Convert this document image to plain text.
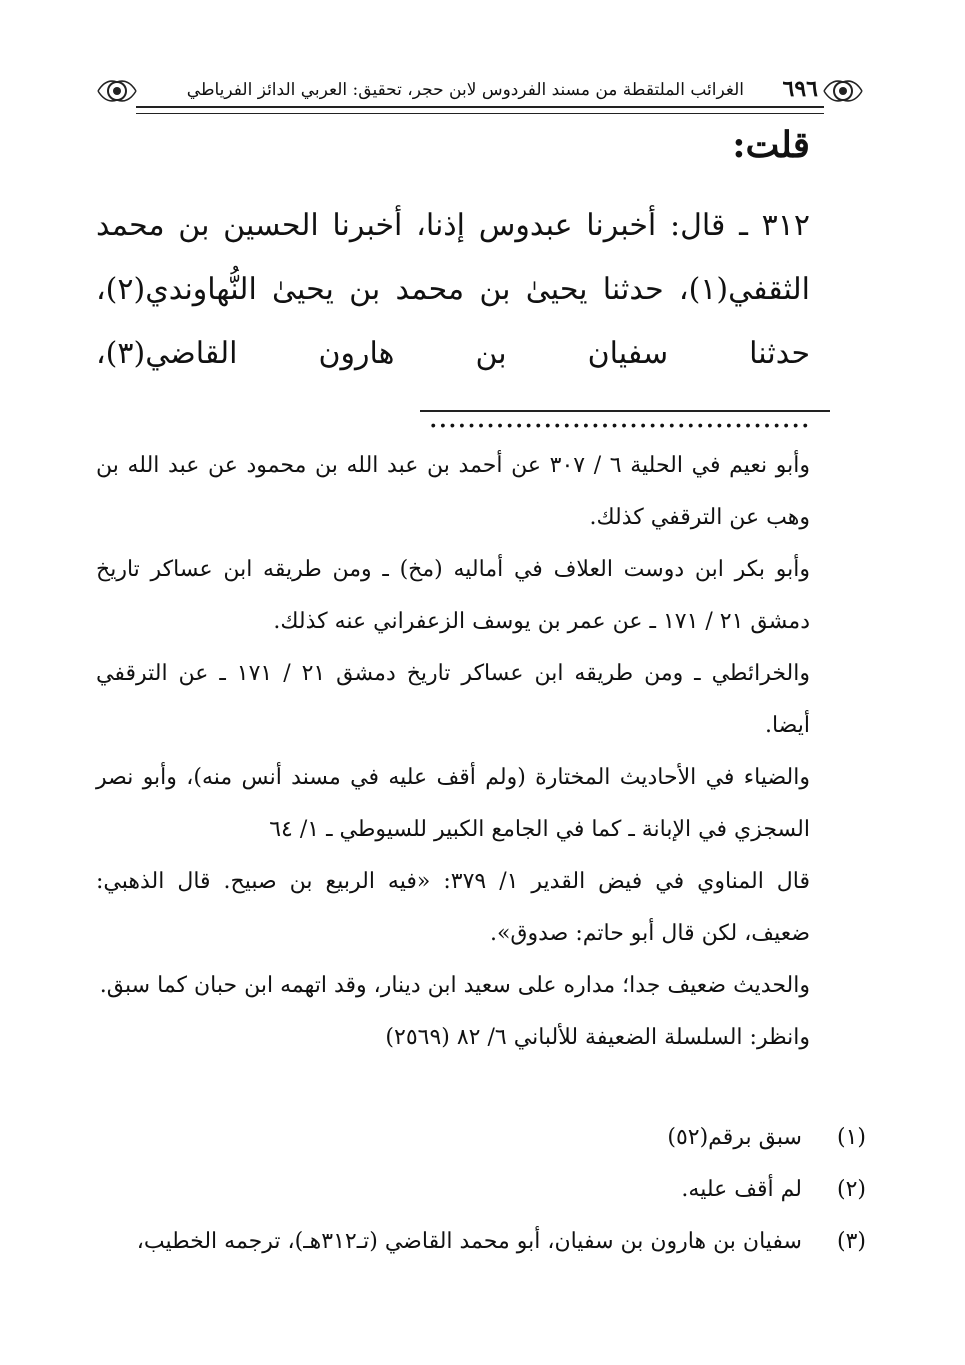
٦٩٦
الغرائب الملتقطة من مسند الفردوس لابن حجر، تحقيق: العربي الدائز الفرياطي

قلت:

٣١٢ ـ قال: أخبرنا عبدوس إذنا، أخبرنا الحسين بن محمد الثقفي(١)، حدثنا يحيىٰ بن محمد بن يحيىٰ النُّهاوندي(٢)، حدثنا سفيان بن هارون القاضي(٣)، ........................................

وأبو نعيم في الحلية ٦ / ٣٠٧ عن أحمد بن عبد الله بن محمود عن عبد الله بن وهب عن الترقفي كذلك.

وأبو بكر ابن دوست العلاف في أماليه (مخ) ـ ومن طريقه ابن عساكر تاريخ دمشق ٢١ / ١٧١ ـ عن عمر بن يوسف الزعفراني عنه كذلك.

والخرائطي ـ ومن طريقه ابن عساكر تاريخ دمشق ٢١ / ١٧١ ـ عن الترقفي أيضا.

والضياء في الأحاديث المختارة (ولم أقف عليه في مسند أنس منه)، وأبو نصر السجزي في الإبانة ـ كما في الجامع الكبير للسيوطي ـ ١/ ٦٤

قال المناوي في فيض القدير ١/ ٣٧٩: «فيه الربيع بن صبيح. قال الذهبي: ضعيف، لكن قال أبو حاتم: صدوق».

والحديث ضعيف جدا؛ مداره على سعيد ابن دينار، وقد اتهمه ابن حبان كما سبق.

وانظر: السلسلة الضعيفة للألباني ٦/ ٨٢ (٢٥٦٩)

(١)
سبق برقم(٥٢)
(٢)
لم أقف عليه.
(٣)
سفيان بن هارون بن سفيان، أبو محمد القاضي (تـ٣١٢هـ)، ترجمه الخطيب،
